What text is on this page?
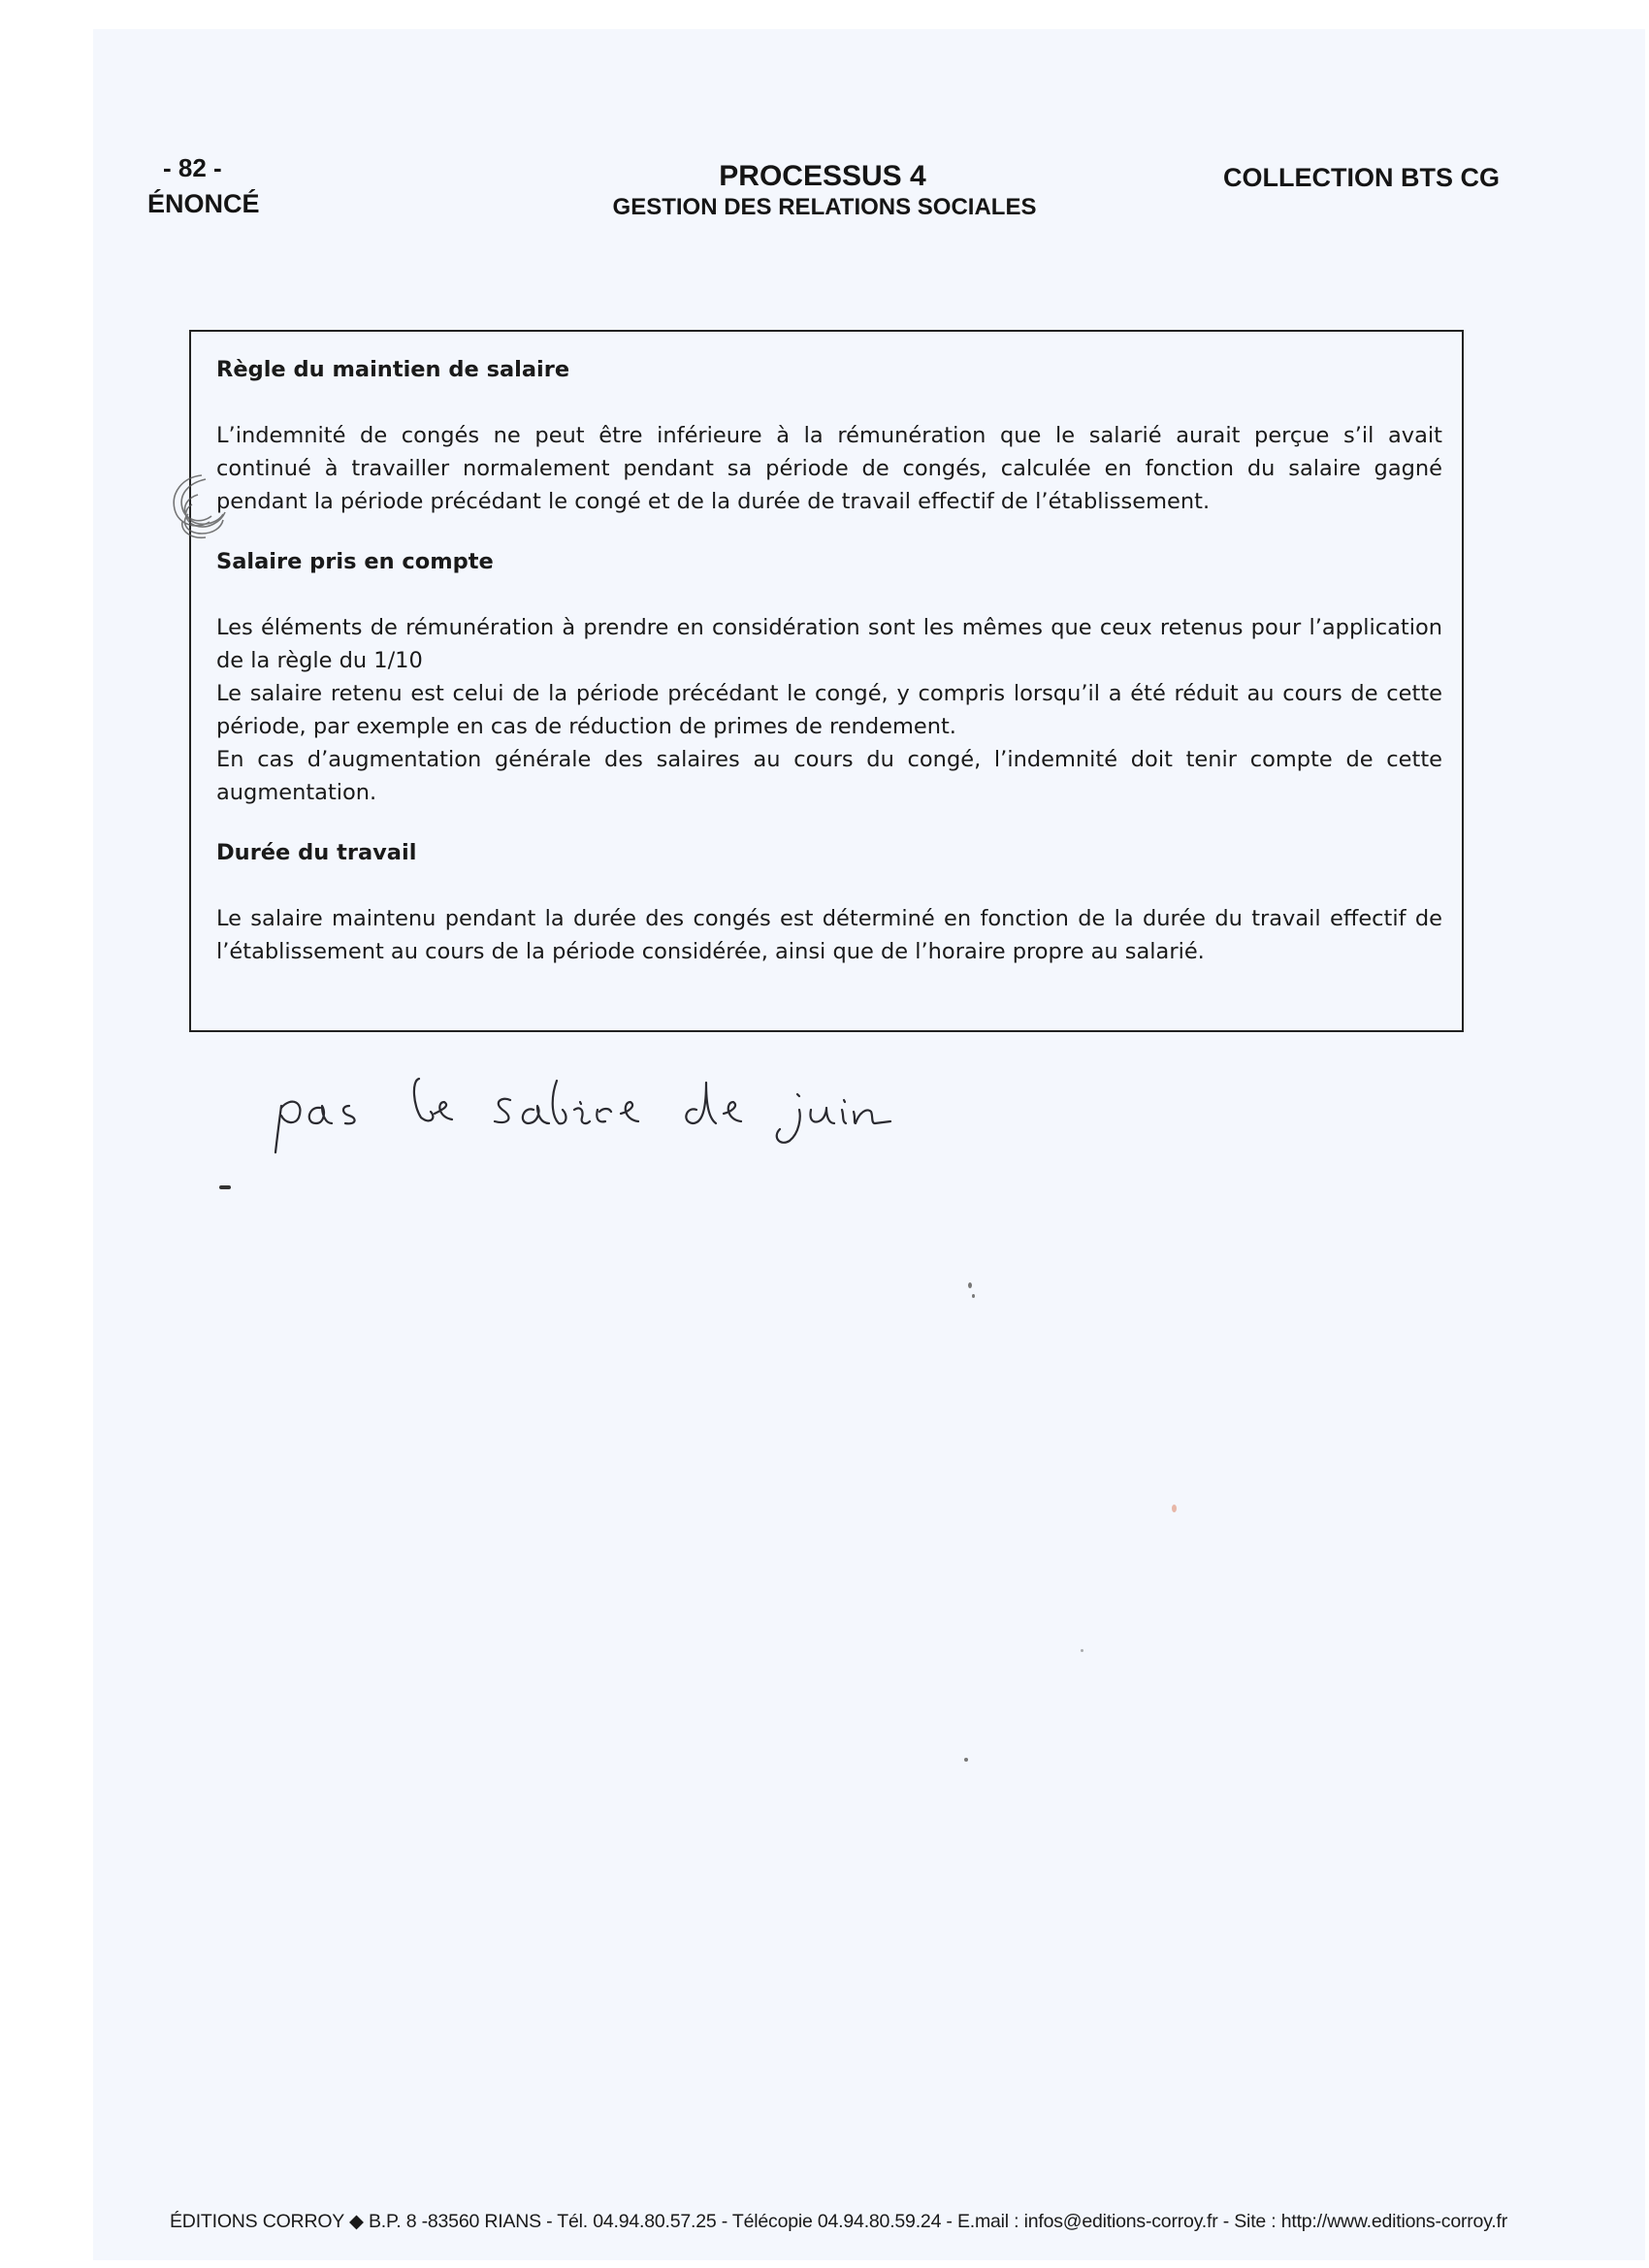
- 82 -
ÉNONCÉ
PROCESSUS 4
GESTION DES RELATIONS SOCIALES
COLLECTION BTS CG

Règle du maintien de salaire

L’indemnité de congés ne peut être inférieure à la rémunération que le salarié aurait perçue s’il avait
continué à travailler normalement pendant sa période de congés, calculée en fonction du salaire gagné
pendant la période précédant le congé et de la durée de travail effectif de l’établissement.

Salaire pris en compte

Les éléments de rémunération à prendre en considération sont les mêmes que ceux retenus pour l’application
de la règle du 1/10
Le salaire retenu est celui de la période précédant le congé, y compris lorsqu’il a été réduit au cours de cette
période, par exemple en cas de réduction de primes de rendement.
En cas d’augmentation générale des salaires au cours du congé, l’indemnité doit tenir compte de cette
augmentation.

Durée du travail

Le salaire maintenu pendant la durée des congés est déterminé en fonction de la durée du travail effectif de
l’établissement au cours de la période considérée, ainsi que de l’horaire propre au salarié.
ÉDITIONS CORROY ◆ B.P. 8 -83560 RIANS - Tél. 04.94.80.57.25 - Télécopie 04.94.80.59.24 - E.mail : infos@editions-corroy.fr - Site : http://www.editions-corroy.fr
